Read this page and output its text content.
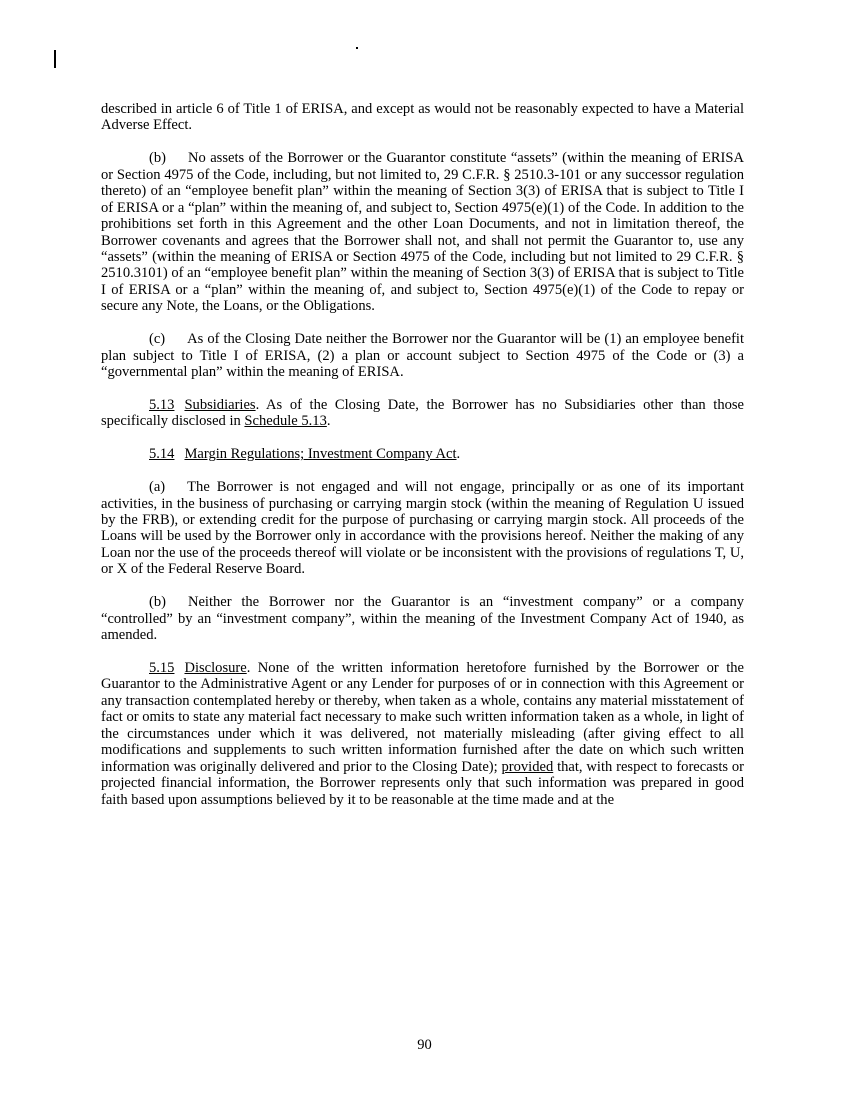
described in article 6 of Title 1 of ERISA, and except as would not be reasonably expected to have a Material Adverse Effect.

(b) No assets of the Borrower or the Guarantor constitute “assets” (within the meaning of ERISA or Section 4975 of the Code, including, but not limited to, 29 C.F.R. § 2510.3-101 or any successor regulation thereto) of an “employee benefit plan” within the meaning of Section 3(3) of ERISA that is subject to Title I of ERISA or a “plan” within the meaning of, and subject to, Section 4975(e)(1) of the Code. In addition to the prohibitions set forth in this Agreement and the other Loan Documents, and not in limitation thereof, the Borrower covenants and agrees that the Borrower shall not, and shall not permit the Guarantor to, use any “assets” (within the meaning of ERISA or Section 4975 of the Code, including but not limited to 29 C.F.R. § 2510.3101) of an “employee benefit plan” within the meaning of Section 3(3) of ERISA that is subject to Title I of ERISA or a “plan” within the meaning of, and subject to, Section 4975(e)(1) of the Code to repay or secure any Note, the Loans, or the Obligations.

(c) As of the Closing Date neither the Borrower nor the Guarantor will be (1) an employee benefit plan subject to Title I of ERISA, (2) a plan or account subject to Section 4975 of the Code or (3) a “governmental plan” within the meaning of ERISA.

5.13 Subsidiaries. As of the Closing Date, the Borrower has no Subsidiaries other than those specifically disclosed in Schedule 5.13.

5.14 Margin Regulations; Investment Company Act.

(a) The Borrower is not engaged and will not engage, principally or as one of its important activities, in the business of purchasing or carrying margin stock (within the meaning of Regulation U issued by the FRB), or extending credit for the purpose of purchasing or carrying margin stock. All proceeds of the Loans will be used by the Borrower only in accordance with the provisions hereof. Neither the making of any Loan nor the use of the proceeds thereof will violate or be inconsistent with the provisions of regulations T, U, or X of the Federal Reserve Board.

(b) Neither the Borrower nor the Guarantor is an “investment company” or a company “controlled” by an “investment company”, within the meaning of the Investment Company Act of 1940, as amended.

5.15 Disclosure. None of the written information heretofore furnished by the Borrower or the Guarantor to the Administrative Agent or any Lender for purposes of or in connection with this Agreement or any transaction contemplated hereby or thereby, when taken as a whole, contains any material misstatement of fact or omits to state any material fact necessary to make such written information taken as a whole, in light of the circumstances under which it was delivered, not materially misleading (after giving effect to all modifications and supplements to such written information furnished after the date on which such written information was originally delivered and prior to the Closing Date); provided that, with respect to forecasts or projected financial information, the Borrower represents only that such information was prepared in good faith based upon assumptions believed by it to be reasonable at the time made and at the

90
